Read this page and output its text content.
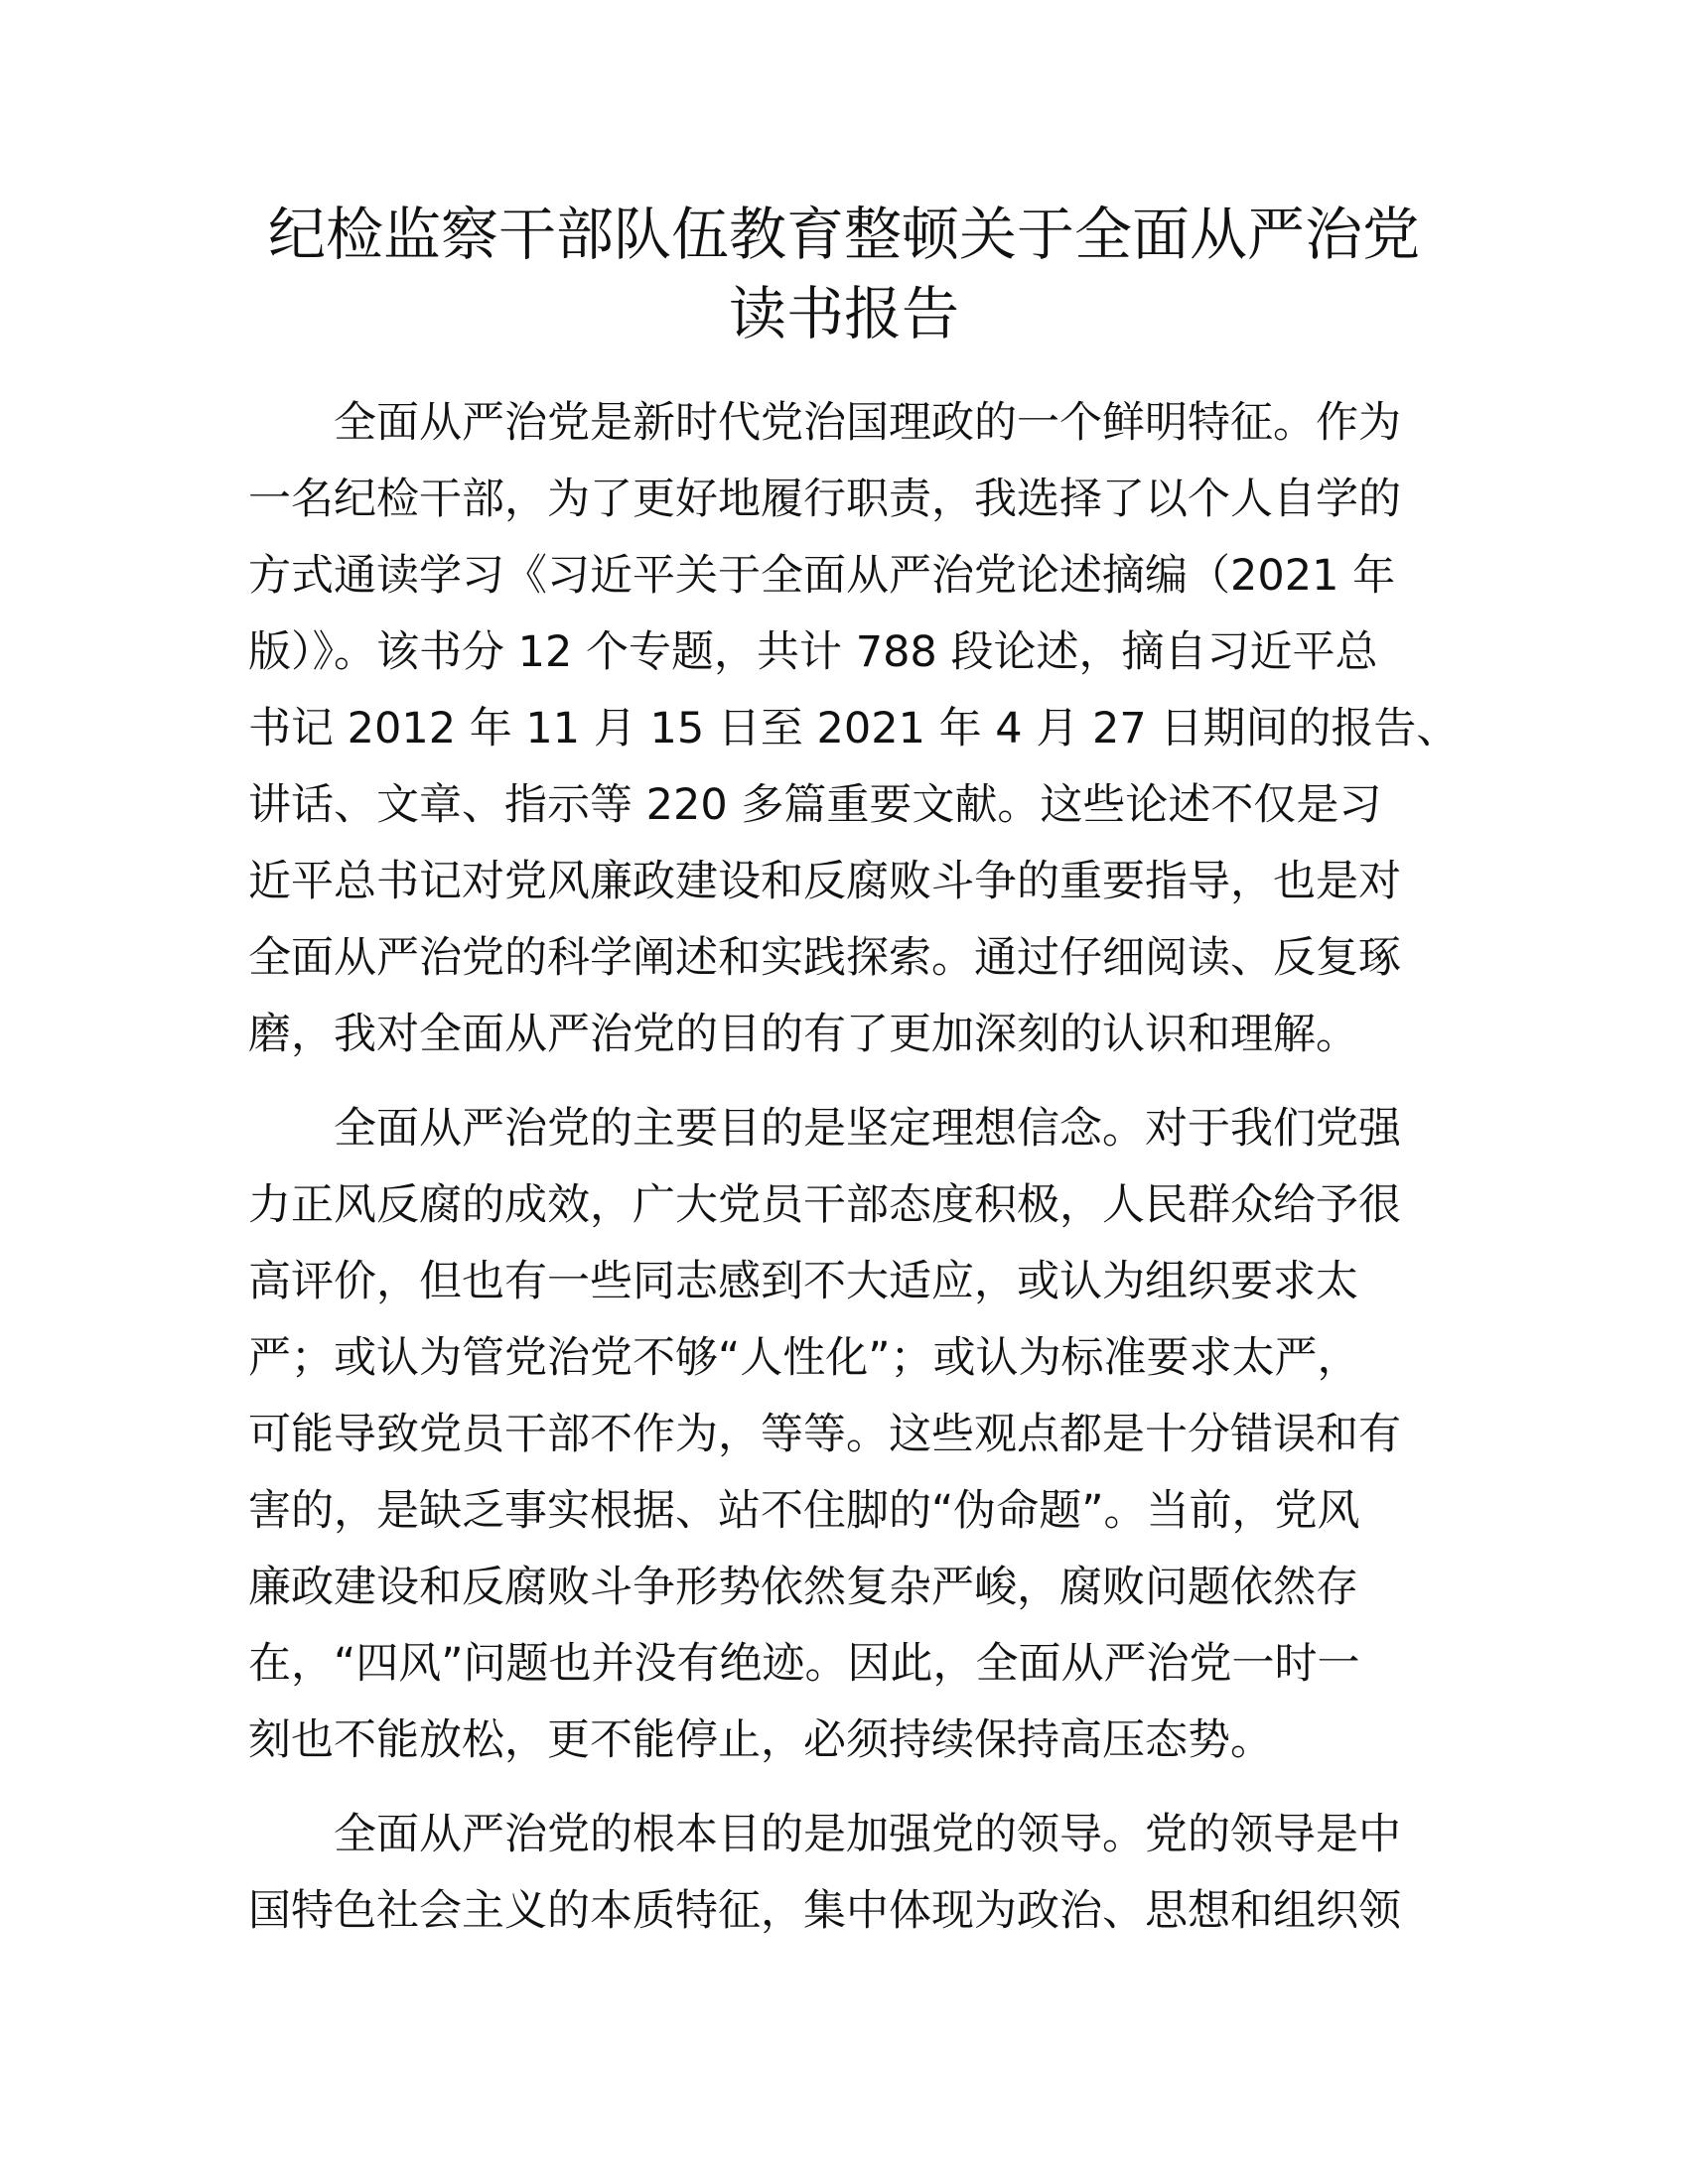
纪检监察干部队伍教育整顿关于全面从严治党
读书报告
全面从严治党是新时代党治国理政的一个鲜明特征。作为
一名纪检干部，为了更好地履行职责，我选择了以个人自学的
方式通读学习《习近平关于全面从严治党论述摘编（2021 年
版）》。该书分 12 个专题，共计 788 段论述，摘自习近平总
书记 2012 年 11 月 15 日至 2021 年 4 月 27 日期间的报告、
讲话、文章、指示等 220 多篇重要文献。这些论述不仅是习
近平总书记对党风廉政建设和反腐败斗争的重要指导，也是对
全面从严治党的科学阐述和实践探索。通过仔细阅读、反复琢
磨，我对全面从严治党的目的有了更加深刻的认识和理解。
全面从严治党的主要目的是坚定理想信念。对于我们党强
力正风反腐的成效，广大党员干部态度积极，人民群众给予很
高评价，但也有一些同志感到不大适应，或认为组织要求太
严；或认为管党治党不够“人性化”；或认为标准要求太严，
可能导致党员干部不作为，等等。这些观点都是十分错误和有
害的，是缺乏事实根据、站不住脚的“伪命题”。当前，党风
廉政建设和反腐败斗争形势依然复杂严峻，腐败问题依然存
在，“四风”问题也并没有绝迹。因此，全面从严治党一时一
刻也不能放松，更不能停止，必须持续保持高压态势。
全面从严治党的根本目的是加强党的领导。党的领导是中
国特色社会主义的本质特征，集中体现为政治、思想和组织领
